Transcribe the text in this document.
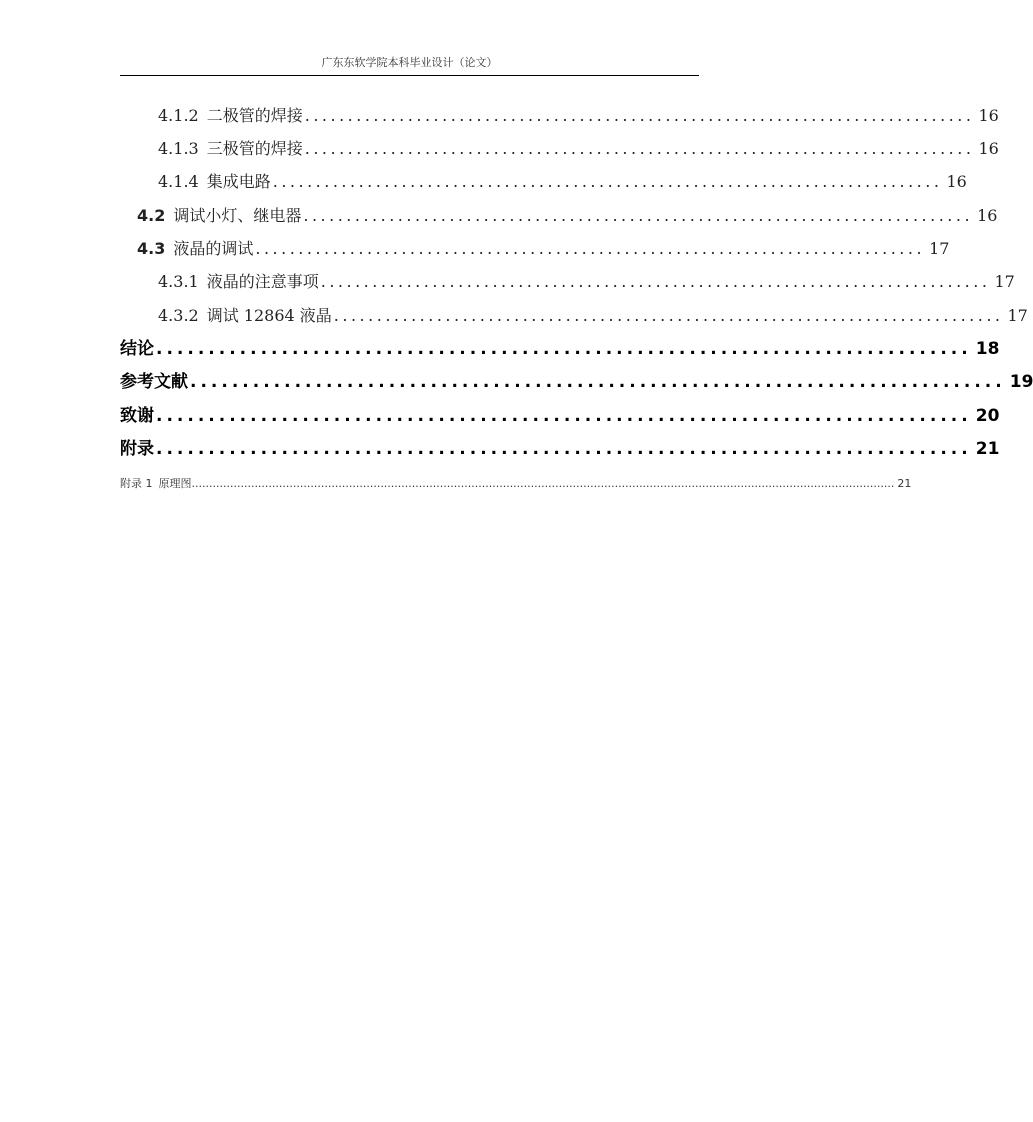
广东东软学院本科毕业设计（论文）
4.1.2 二极管的焊接 .............................................................................. 16
4.1.3 三极管的焊接 .............................................................................. 16
4.1.4 集成电路 .............................................................................. 16
4.2 调试小灯、继电器 .............................................................................. 16
4.3 液晶的调试 .............................................................................. 17
4.3.1 液晶的注意事项 .............................................................................. 17
4.3.2 调试 12864 液晶 .............................................................................. 17
结论 .............................................................................. 18
参考文献 .............................................................................. 19
致谢 .............................................................................. 20
附录 .............................................................................. 21
附录 1 原理图 ......................................................................................................................................................................................................... 21
